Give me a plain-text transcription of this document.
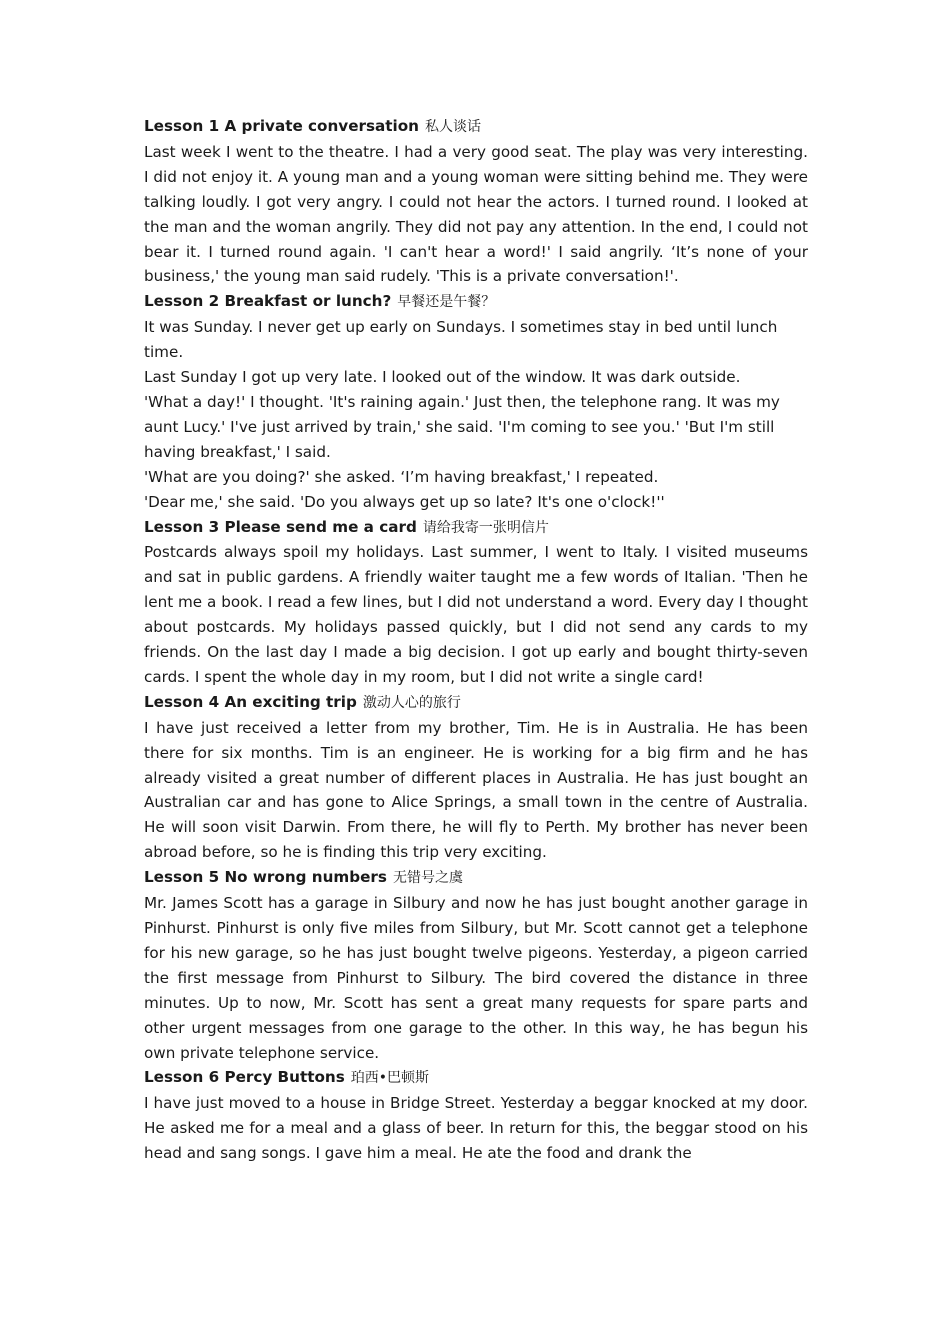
Lesson 1 A private conversation 私人谈话

Last week I went to the theatre. I had a very good seat. The play was very interesting. I did not enjoy it. A young man and a young woman were sitting behind me. They were talking loudly. I got very angry. I could not hear the actors. I turned round. I looked at the man and the woman angrily. They did not pay any attention. In the end, I could not bear it. I turned round again. 'I can't hear a word!' I said angrily. ‘It’s none of your business,' the young man said rudely. 'This is a private conversation!'.

Lesson 2 Breakfast or lunch? 早餐还是午餐？

It was Sunday. I never get up early on Sundays. I sometimes stay in bed until lunch time.

Last Sunday I got up very late. I looked out of the window. It was dark outside.

'What a day!' I thought. 'It's raining again.' Just then, the telephone rang. It was my aunt Lucy.' I've just arrived by train,' she said. 'I'm coming to see you.' 'But I'm still having breakfast,' I said.

'What are you doing?' she asked. ‘I’m having breakfast,' I repeated.

'Dear me,' she said. 'Do you always get up so late? It's one o'clock!''

Lesson 3 Please send me a card 请给我寄一张明信片

Postcards always spoil my holidays. Last summer, I went to Italy. I visited museums and sat in public gardens. A friendly waiter taught me a few words of Italian. 'Then he lent me a book. I read a few lines, but I did not understand a word. Every day I thought about postcards. My holidays passed quickly, but I did not send any cards to my friends. On the last day I made a big decision. I got up early and bought thirty-seven cards. I spent the whole day in my room, but I did not write a single card!

Lesson 4 An exciting trip 激动人心的旅行

I have just received a letter from my brother, Tim. He is in Australia. He has been there for six months. Tim is an engineer. He is working for a big firm and he has already visited a great number of different places in Australia. He has just bought an Australian car and has gone to Alice Springs, a small town in the centre of Australia. He will soon visit Darwin. From there, he will fly to Perth. My brother has never been abroad before, so he is finding this trip very exciting.

Lesson 5 No wrong numbers 无错号之虞

Mr. James Scott has a garage in Silbury and now he has just bought another garage in Pinhurst. Pinhurst is only five miles from Silbury, but Mr. Scott cannot get a telephone for his new garage, so he has just bought twelve pigeons. Yesterday, a pigeon carried the first message from Pinhurst to Silbury. The bird covered the distance in three minutes. Up to now, Mr. Scott has sent a great many requests for spare parts and other urgent messages from one garage to the other. In this way, he has begun his own private telephone service.

Lesson 6 Percy Buttons 珀西•巴顿斯

I have just moved to a house in Bridge Street. Yesterday a beggar knocked at my door. He asked me for a meal and a glass of beer. In return for this, the beggar stood on his head and sang songs. I gave him a meal. He ate the food and drank the
